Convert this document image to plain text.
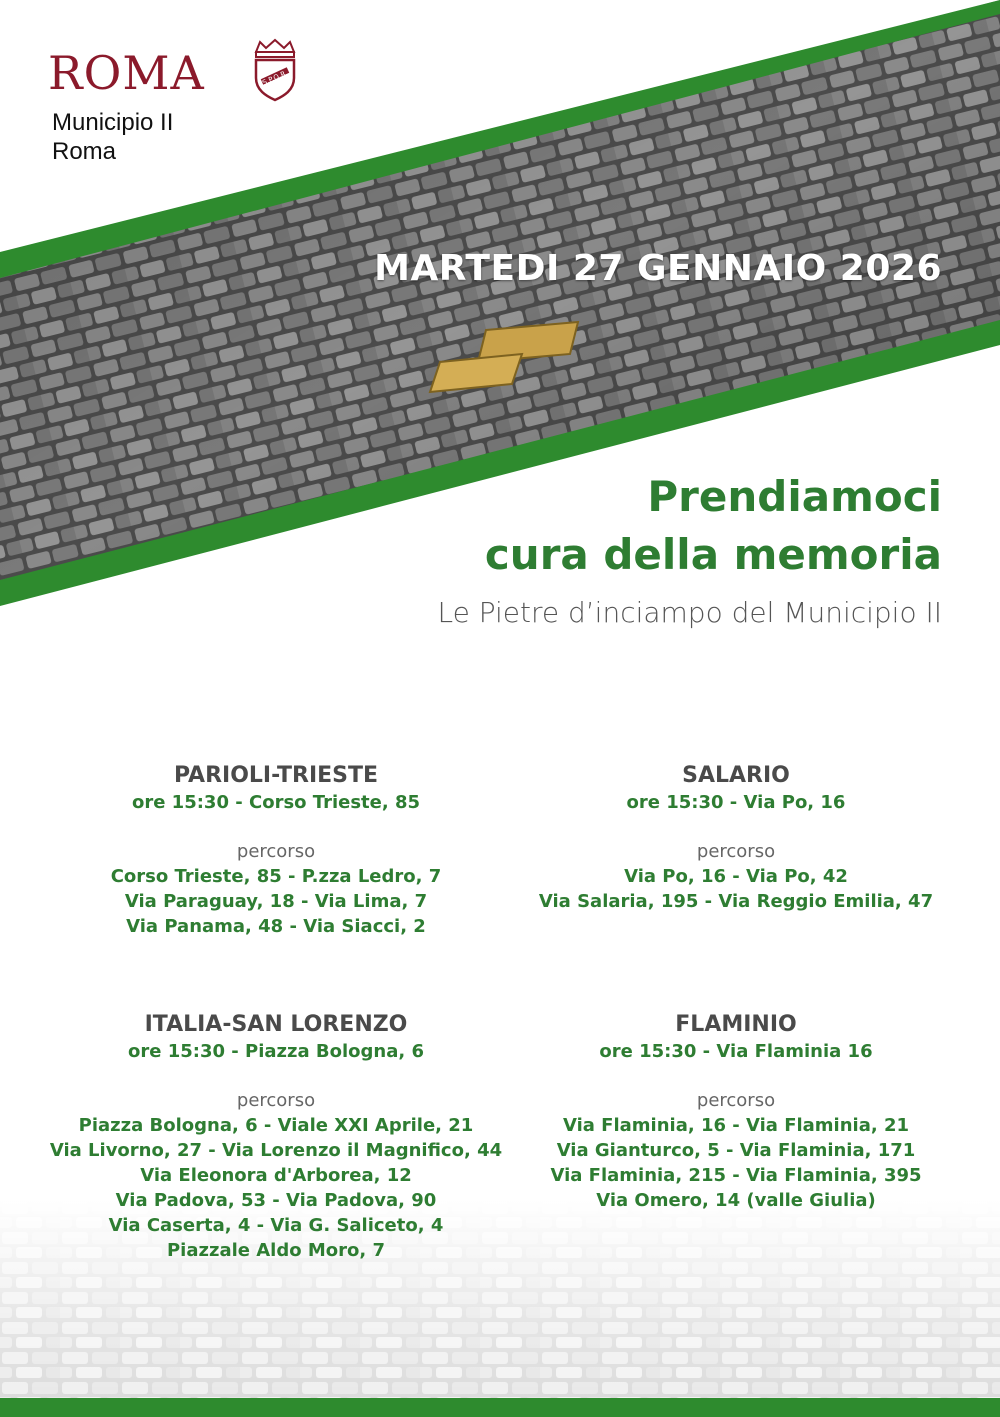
ROMA	S.P.Q.R.
Municipio II
Roma
MARTEDI 27 GENNAIO 2026
Prendiamoci
cura della memoria
Le Pietre d’inciampo del Municipio II
PARIOLI-TRIESTE
ore 15:30 - Corso Trieste, 85
percorso
Corso Trieste, 85 - P.zza Ledro, 7
Via Paraguay, 18 - Via Lima, 7
Via Panama, 48 - Via Siacci, 2
SALARIO
ore 15:30 - Via Po, 16
percorso
Via Po, 16 - Via Po, 42
Via Salaria, 195 - Via Reggio Emilia, 47
ITALIA-SAN LORENZO
ore 15:30 - Piazza Bologna, 6
percorso
Piazza Bologna, 6 - Viale XXI Aprile, 21
Via Livorno, 27 - Via Lorenzo il Magnifico, 44
Via Eleonora d'Arborea, 12
Via Padova, 53 - Via Padova, 90
Via Caserta, 4 - Via G. Saliceto, 4
Piazzale Aldo Moro, 7
FLAMINIO
ore 15:30 - Via Flaminia 16
percorso
Via Flaminia, 16 - Via Flaminia, 21
Via Gianturco, 5 - Via Flaminia, 171
Via Flaminia, 215 - Via Flaminia, 395
Via Omero, 14 (valle Giulia)
